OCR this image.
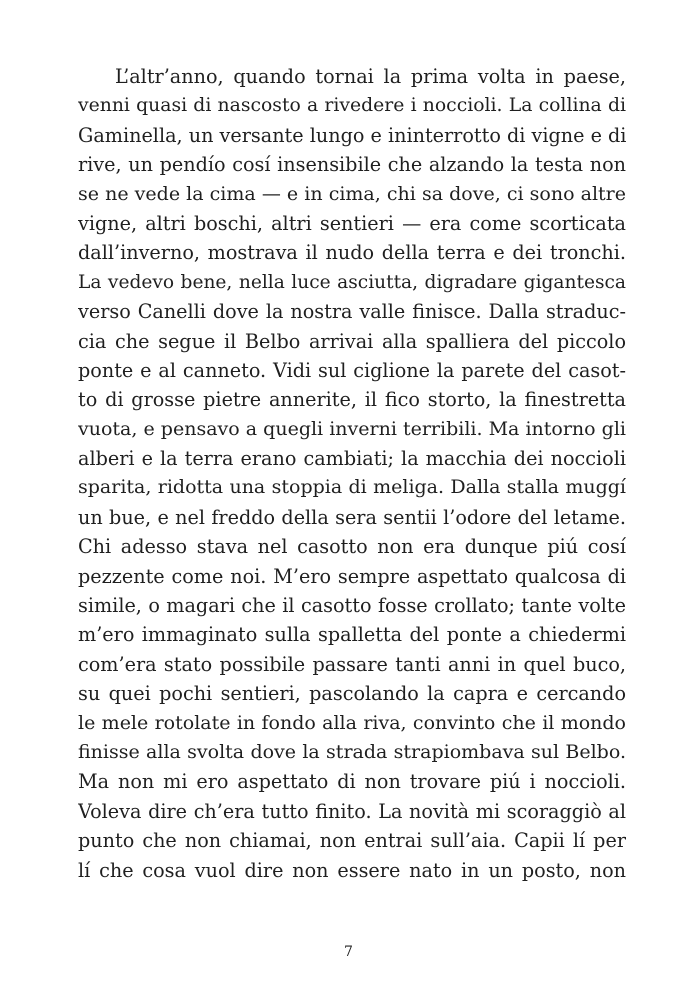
L’altr’anno, quando tornai la prima volta in paese,
venni quasi di nascosto a rivedere i noccioli. La collina di
Gaminella, un versante lungo e ininterrotto di vigne e di
rive, un pendío cosí insensibile che alzando la testa non
se ne vede la cima — e in cima, chi sa dove, ci sono altre
vigne, altri boschi, altri sentieri — era come scorticata
dall’inverno, mostrava il nudo della terra e dei tronchi.
La vedevo bene, nella luce asciutta, digradare gigantesca
verso Canelli dove la nostra valle finisce. Dalla straduc-
cia che segue il Belbo arrivai alla spalliera del piccolo
ponte e al canneto. Vidi sul ciglione la parete del casot-
to di grosse pietre annerite, il fico storto, la finestretta
vuota, e pensavo a quegli inverni terribili. Ma intorno gli
alberi e la terra erano cambiati; la macchia dei noccioli
sparita, ridotta una stoppia di meliga. Dalla stalla muggí
un bue, e nel freddo della sera sentii l’odore del letame.
Chi adesso stava nel casotto non era dunque piú cosí
pezzente come noi. M’ero sempre aspettato qualcosa di
simile, o magari che il casotto fosse crollato; tante volte
m’ero immaginato sulla spalletta del ponte a chiedermi
com’era stato possibile passare tanti anni in quel buco,
su quei pochi sentieri, pascolando la capra e cercando
le mele rotolate in fondo alla riva, convinto che il mondo
finisse alla svolta dove la strada strapiombava sul Belbo.
Ma non mi ero aspettato di non trovare piú i noccioli.
Voleva dire ch’era tutto finito. La novità mi scoraggiò al
punto che non chiamai, non entrai sull’aia. Capii lí per
lí che cosa vuol dire non essere nato in un posto, non
7
